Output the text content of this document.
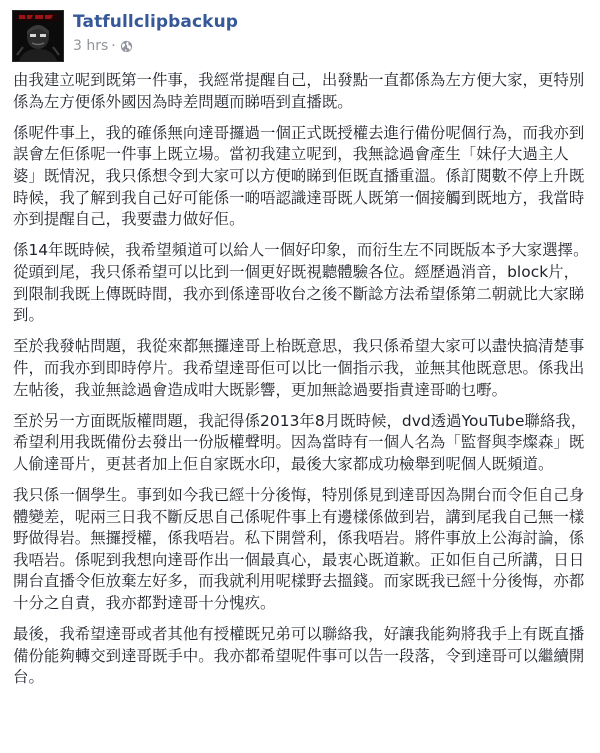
Tatfullclipbackup
3 hrs ·

由我建立呢到既第一件事，我經常提醒自己，出發點一直都係為左方便大家，更特別係為左方便係外國因為時差問題而睇唔到直播既。

係呢件事上，我的確係無向達哥攞過一個正式既授權去進行備份呢個行為，而我亦到誤會左佢係呢一件事上既立場。當初我建立呢到，我無諗過會產生「妹仔大過主人婆」既情況，我只係想令到大家可以方便啲睇到佢既直播重溫。係訂閱數不停上升既時候，我了解到我自己好可能係一啲唔認識達哥既人既第一個接觸到既地方，我當時亦到提醒自己，我要盡力做好佢。

係14年既時候，我希望頻道可以給人一個好印象，而衍生左不同既版本予大家選擇。從頭到尾，我只係希望可以比到一個更好既視聽體驗各位。經歷過消音，block片，到限制我既上傳既時間，我亦到係達哥收台之後不斷諗方法希望係第二朝就比大家睇到。

至於我發帖問題，我從來都無攞達哥上枱既意思，我只係希望大家可以盡快搞清楚事件，而我亦到即時停片。我希望達哥佢可以比一個指示我，並無其他既意思。係我出左帖後，我並無諗過會造成咁大既影響，更加無諗過要指責達哥啲乜嘢。

至於另一方面既版權問題，我記得係2013年8月既時候，dvd透過YouTube聯絡我，希望利用我既備份去發出一份版權聲明。因為當時有一個人名為「監督與李燦森」既人偷達哥片，更甚者加上佢自家既水印，最後大家都成功檢舉到呢個人既頻道。

我只係一個學生。事到如今我已經十分後悔，特別係見到達哥因為開台而令佢自己身體變差，呢兩三日我不斷反思自己係呢件事上有邊樣係做到岩，講到尾我自己無一樣野做得岩。無攞授權，係我唔岩。私下開營利，係我唔岩。將件事放上公海討論，係我唔岩。係呢到我想向達哥作出一個最真心，最衷心既道歉。正如佢自己所講，日日開台直播令佢放棄左好多，而我就利用呢樣野去搵錢。而家既我已經十分後悔，亦都十分之自責，我亦都對達哥十分愧疚。

最後，我希望達哥或者其他有授權既兄弟可以聯絡我，好讓我能夠將我手上有既直播備份能夠轉交到達哥既手中。我亦都希望呢件事可以告一段落，令到達哥可以繼續開台。
